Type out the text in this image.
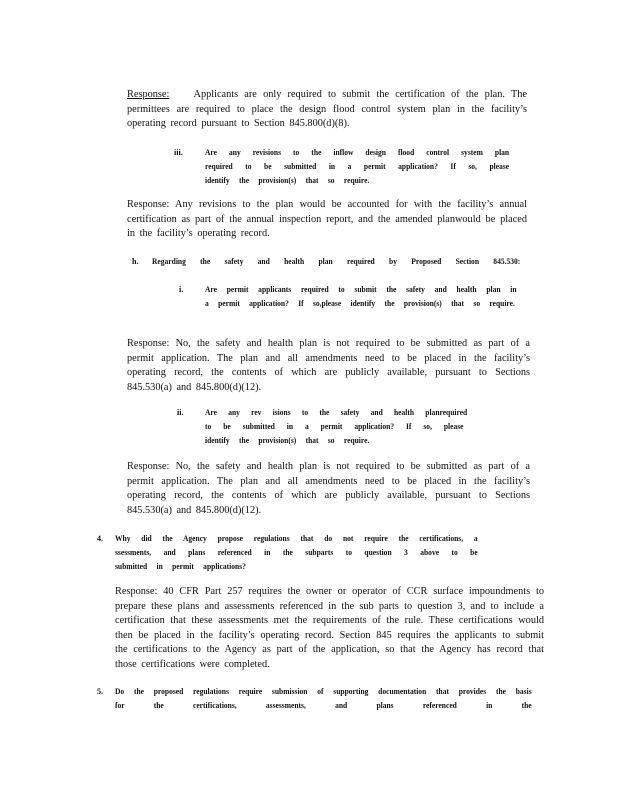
Response: Applicants are only required to submit the certification of the plan. The permittees are required to place the design flood control system plan in the facility’s operating record pursuant to Section 845.800(d)(8).
iii.	Are any revisions to the inflow design flood control system plan required to be submitted in a permit application? If so, please identify the provision(s) that so require.
Response: Any revisions to the plan would be accounted for with the facility’s annual certification as part of the annual inspection report, and the amended planwould be placed in the facility’s operating record.
h. Regarding the safety and health plan required by Proposed Section 845.530:
i.	Are permit applicants required to submit the safety and health plan in a permit application? If so,please identify the provision(s) that so require.
Response: No, the safety and health plan is not required to be submitted as part of a permit application. The plan and all amendments need to be placed in the facility’s operating record, the contents of which are publicly available, pursuant to Sections 845.530(a) and 845.800(d)(12).
ii.	Are any rev isions to the safety and health planrequired
to be submitted in a permit application? If so, please
identify the provision(s) that so require.
Response: No, the safety and health plan is not required to be submitted as part of a permit application. The plan and all amendments need to be placed in the facility’s operating record, the contents of which are publicly available, pursuant to Sections 845.530(a) and 845.800(d)(12).
4. Why did the Agency propose regulations that do not require the certifications, a ssessments, and plans referenced in the subparts to question 3 above to be submitted in permit applications?
Response: 40 CFR Part 257 requires the owner or operator of CCR surface impoundments to prepare these plans and assessments referenced in the sub parts to question 3, and to include a certification that these assessments met the requirements of the rule. These certifications would then be placed in the facility’s operating record. Section 845 requires the applicants to submit the certifications to the Agency as part of the application, so that the Agency has record that those certifications were completed.
5. Do the proposed regulations require submission of supporting documentation that provides the basis for the certifications, assessments, and plans referenced in the
